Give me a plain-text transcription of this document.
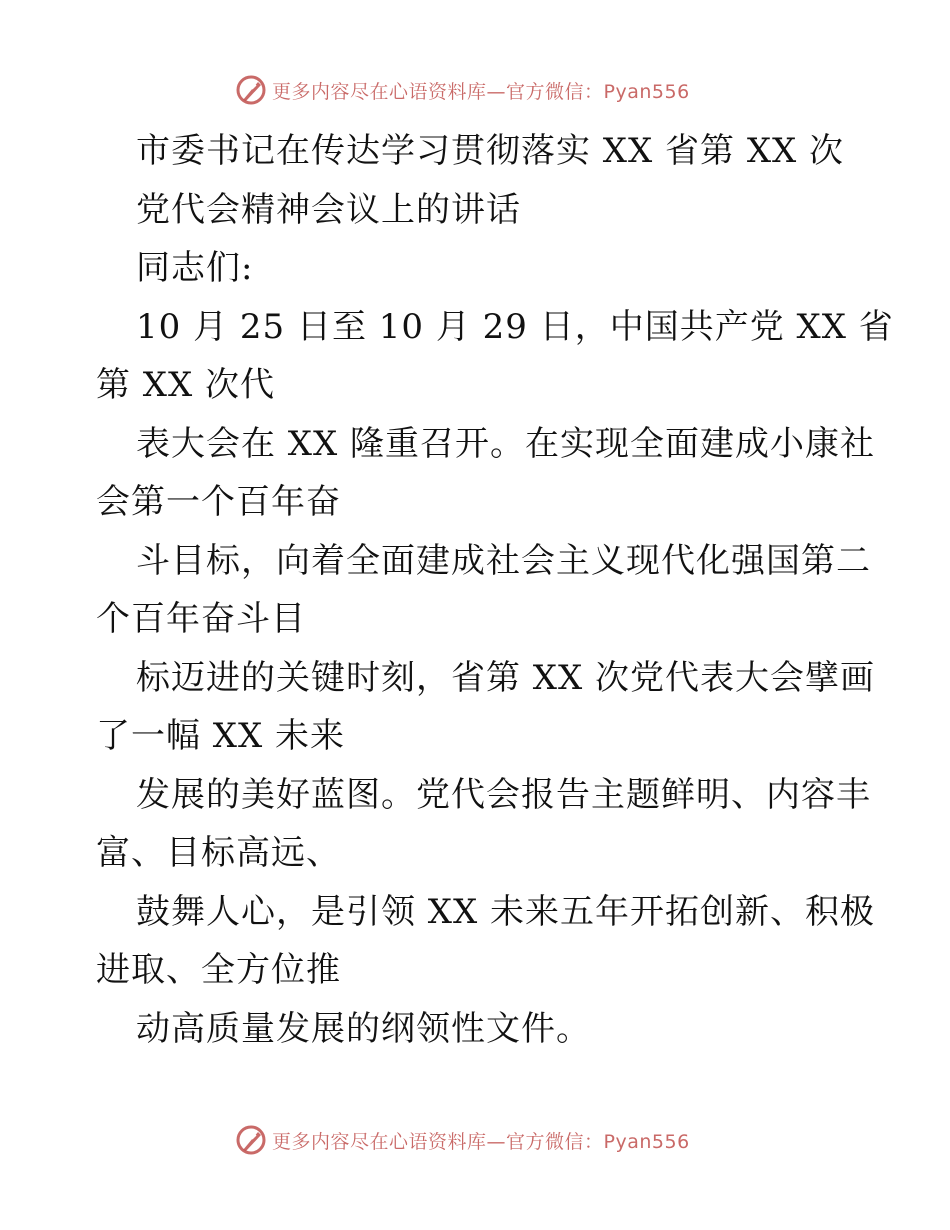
更多内容尽在心语资料库—官方微信：Pyan556
市委书记在传达学习贯彻落实 XX 省第 XX 次
党代会精神会议上的讲话
同志们:
10 月 25 日至 10 月 29 日，中国共产党 XX 省
第 XX 次代
表大会在 XX 隆重召开。在实现全面建成小康社
会第一个百年奋
斗目标，向着全面建成社会主义现代化强国第二
个百年奋斗目
标迈进的关键时刻，省第 XX 次党代表大会擘画
了一幅 XX 未来
发展的美好蓝图。党代会报告主题鲜明、内容丰
富、目标高远、
鼓舞人心，是引领 XX 未来五年开拓创新、积极
进取、全方位推
动高质量发展的纲领性文件。
更多内容尽在心语资料库—官方微信：Pyan556
